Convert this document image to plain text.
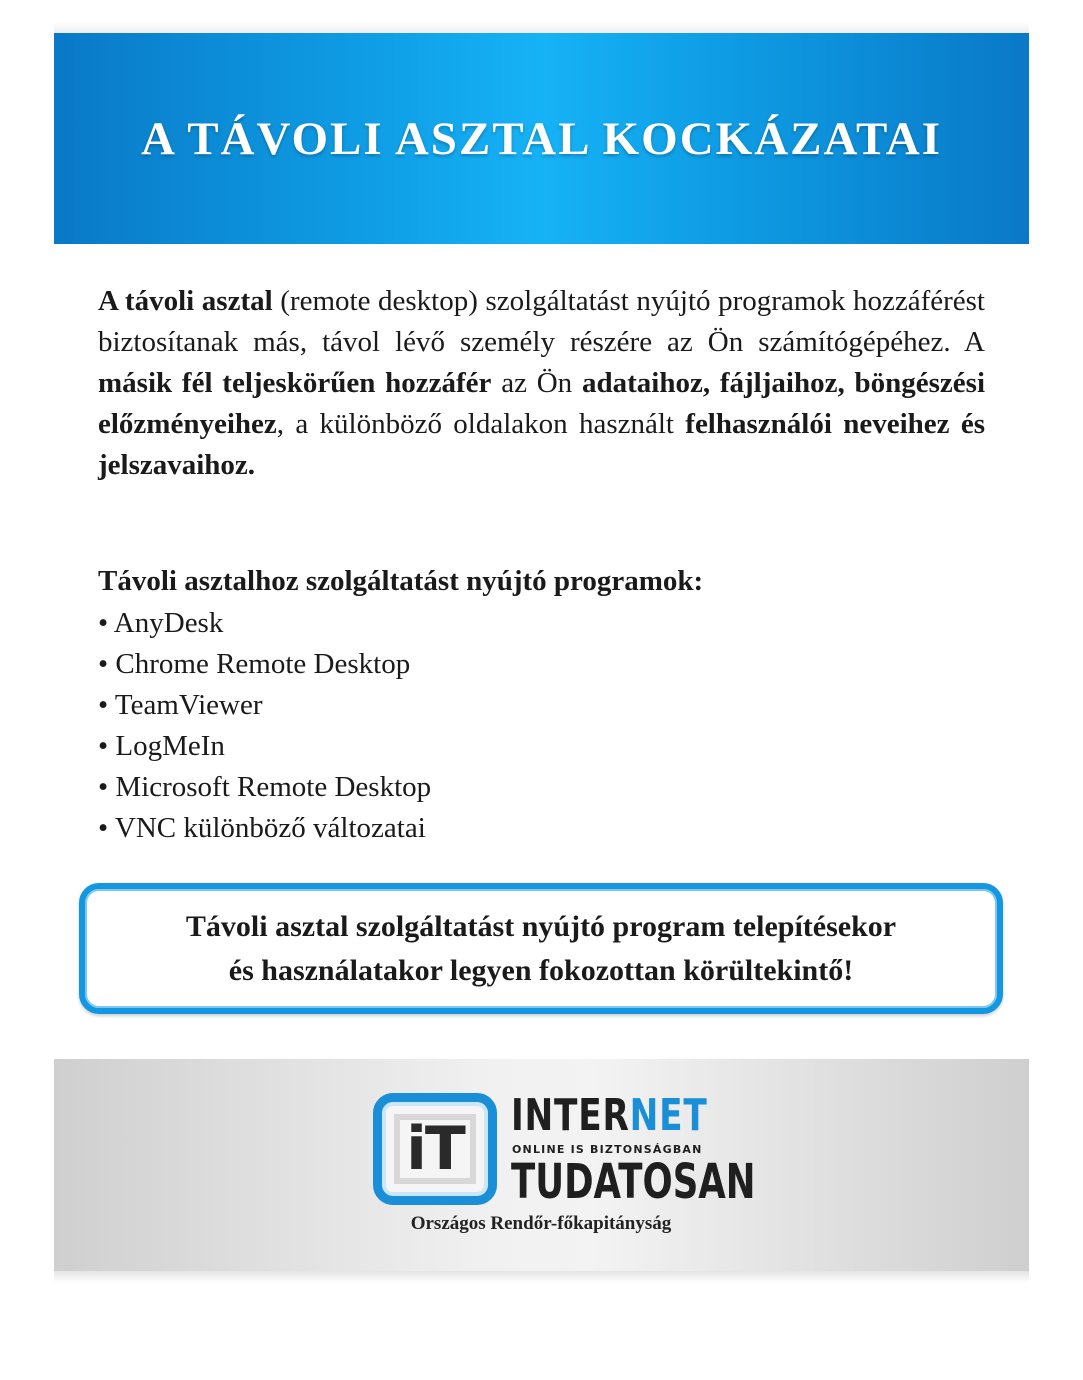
A TÁVOLI ASZTAL KOCKÁZATAI

A távoli asztal (remote desktop) szolgáltatást nyújtó programok hozzáférést biztosítanak más, távol lévő személy részére az Ön számítógépéhez. A másik fél teljeskörűen hozzáfér az Ön adataihoz, fájljaihoz, böngészési előzményeihez, a különböző oldalakon használt felhasználói neveihez és jelszavaihoz.

Távoli asztalhoz szolgáltatást nyújtó programok:
• AnyDesk
• Chrome Remote Desktop
• TeamViewer
• LogMeIn
• Microsoft Remote Desktop
• VNC különböző változatai

Távoli asztal szolgáltatást nyújtó program telepítésekor
és használatakor legyen fokozottan körültekintő!

iT INTERNET

ONLINE IS BIZTONSÁGBAN

TUDATOSAN

Országos Rendőr-főkapitányság
